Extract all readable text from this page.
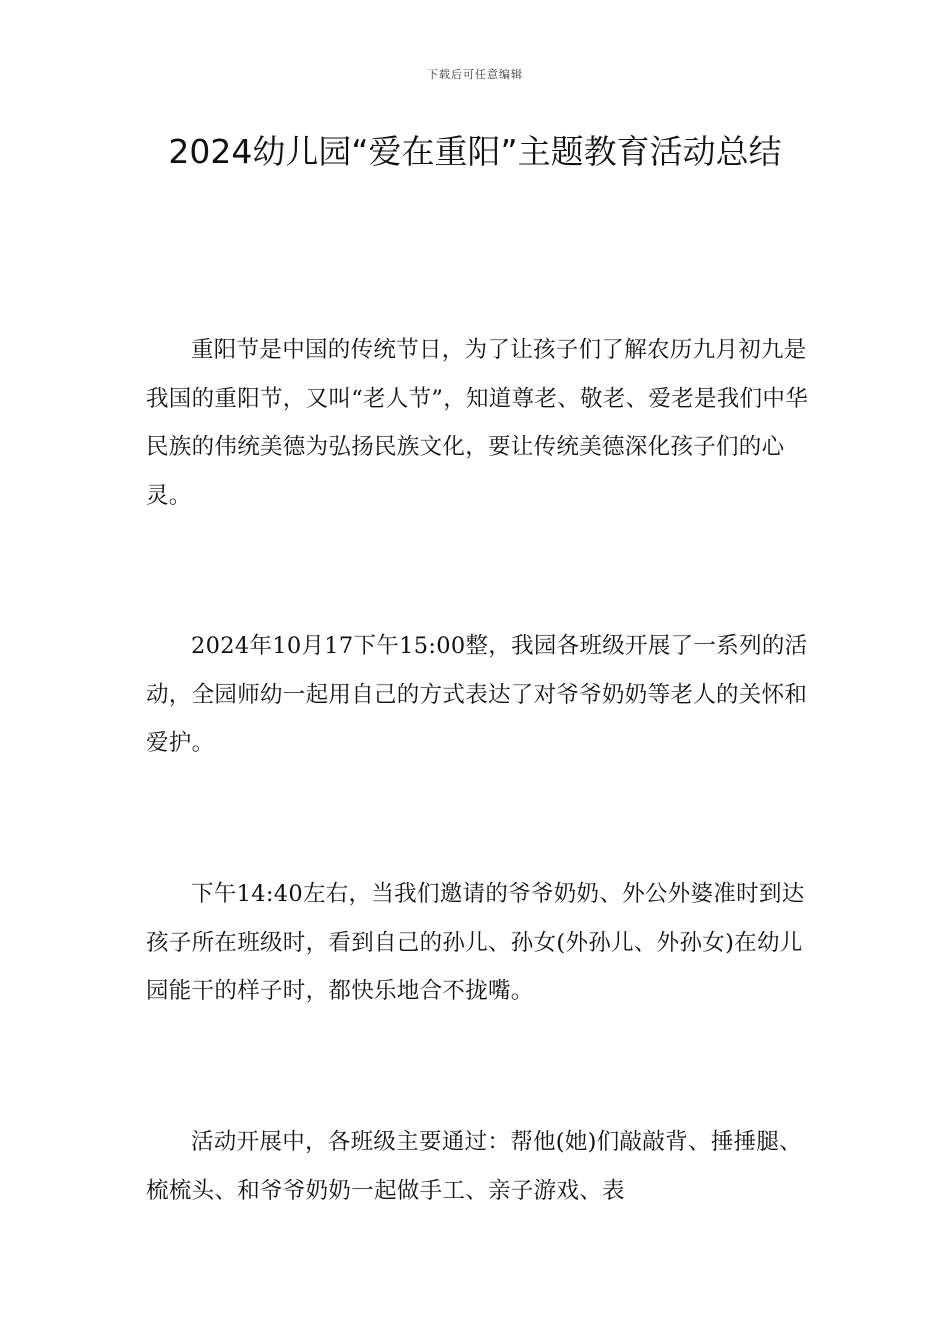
下载后可任意编辑
2024幼儿园“爱在重阳”主题教育活动总结

重阳节是中国的传统节日，为了让孩子们了解农历九月初九是我国的重阳节，又叫“老人节”，知道尊老、敬老、爱老是我们中华民族的伟统美德为弘扬民族文化，要让传统美德深化孩子们的心灵。

2024年10月17下午15:00整，我园各班级开展了一系列的活动，全园师幼一起用自己的方式表达了对爷爷奶奶等老人的关怀和爱护。

下午14:40左右，当我们邀请的爷爷奶奶、外公外婆准时到达孩子所在班级时，看到自己的孙儿、孙女(外孙儿、外孙女)在幼儿园能干的样子时，都快乐地合不拢嘴。

活动开展中，各班级主要通过：帮他(她)们敲敲背、捶捶腿、梳梳头、和爷爷奶奶一起做手工、亲子游戏、表
